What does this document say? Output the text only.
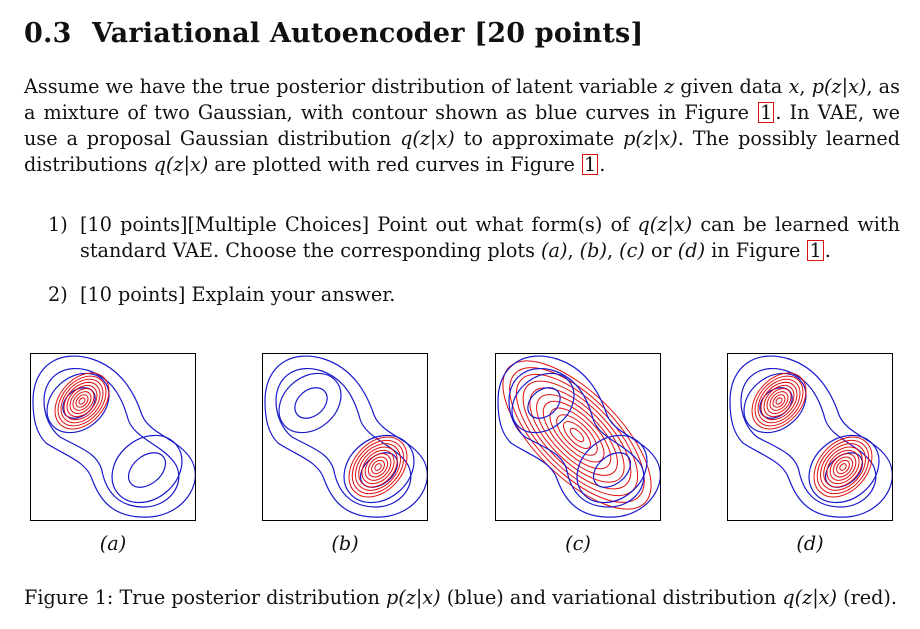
0.3 Variational Autoencoder [20 points]
Assume we have the true posterior distribution of latent variable z given data x, p(z|x), as a mixture of two Gaussian, with contour shown as blue curves in Figure 1 . In VAE, we use a proposal Gaussian distribution q(z|x) to approximate p(z|x). The possibly learned distributions q(z|x) are plotted with red curves in Figure 1 .
1) [10 points][Multiple Choices] Point out what form(s) of q(z|x) can be learned with standard VAE. Choose the corresponding plots (a), (b), (c) or (d) in Figure 1 .
2) [10 points] Explain your answer.
(a)	(b)	(c)	(d)
Figure 1: True posterior distribution p(z|x) (blue) and variational distribution q(z|x) (red).
